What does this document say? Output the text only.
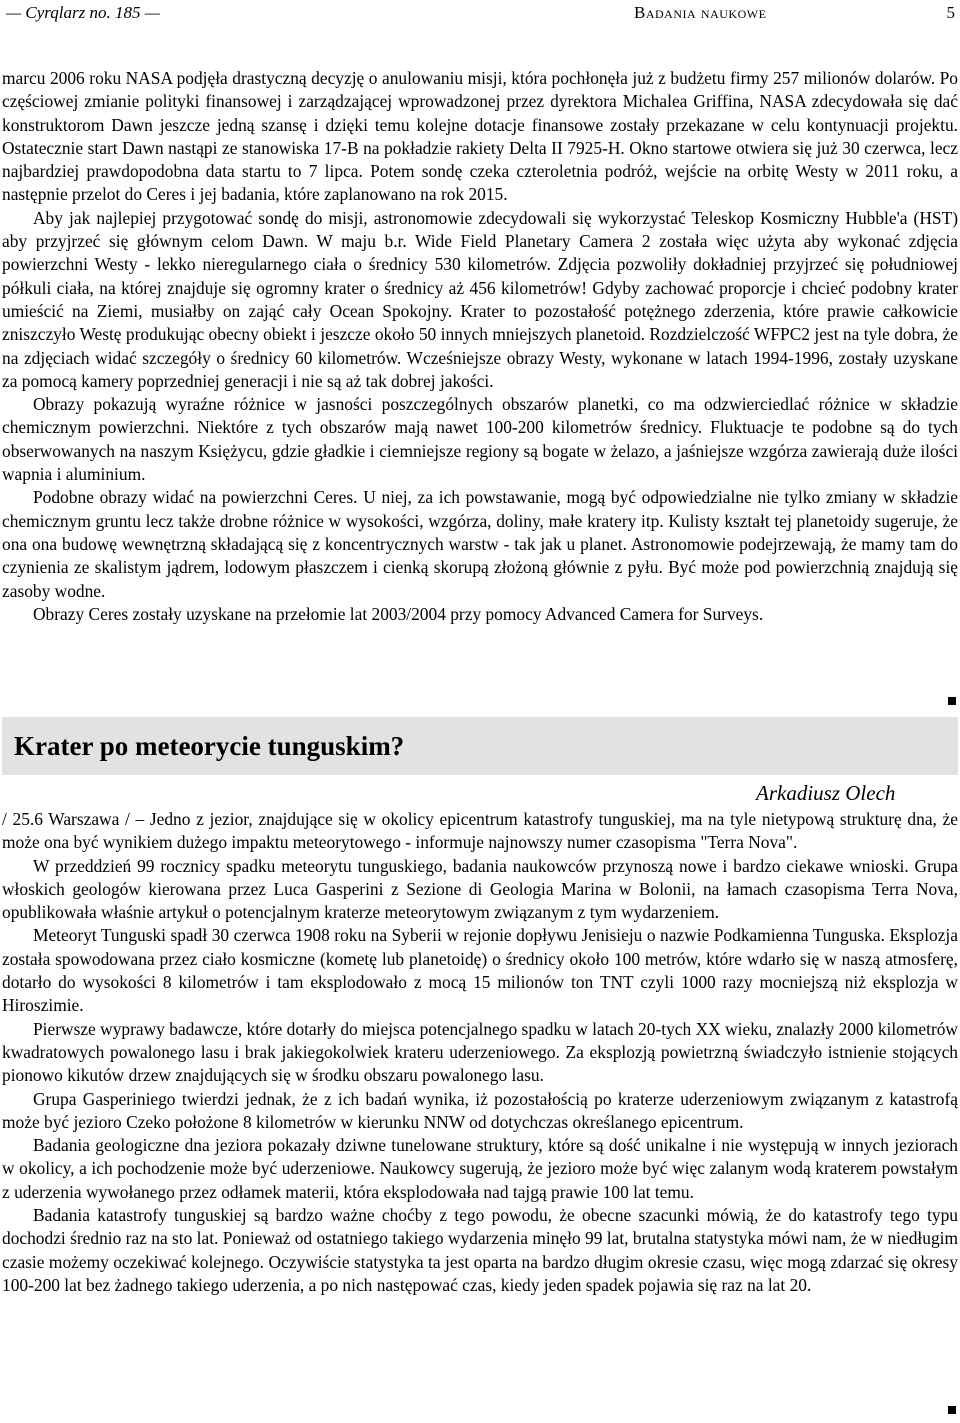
— Cyrqlarz no. 185 —	Badania naukowe	5

marcu 2006 roku NASA podjęła drastyczną decyzję o anulowaniu misji, która pochłonęła już z budżetu firmy 257 milionów dolarów. Po częściowej zmianie polityki finansowej i zarządzającej wprowadzonej przez dyrektora Michalea Griffina, NASA zdecydowała się dać konstruktorom Dawn jeszcze jedną szansę i dzięki temu kolejne dotacje finansowe zostały przekazane w celu kontynuacji projektu. Ostatecznie start Dawn nastąpi ze stanowiska 17-B na pokładzie rakiety Delta II 7925-H. Okno startowe otwiera się już 30 czerwca, lecz najbardziej prawdopodobna data startu to 7 lipca. Potem sondę czeka czteroletnia podróż, wejście na orbitę Westy w 2011 roku, a następnie przelot do Ceres i jej badania, które zaplanowano na rok 2015.

Aby jak najlepiej przygotować sondę do misji, astronomowie zdecydowali się wykorzystać Teleskop Kosmiczny Hubble'a (HST) aby przyjrzeć się głównym celom Dawn. W maju b.r. Wide Field Planetary Camera 2 została więc użyta aby wykonać zdjęcia powierzchni Westy - lekko nieregularnego ciała o średnicy 530 kilometrów. Zdjęcia pozwoliły dokładniej przyjrzeć się południowej półkuli ciała, na której znajduje się ogromny krater o średnicy aż 456 kilometrów! Gdyby zachować proporcje i chcieć podobny krater umieścić na Ziemi, musiałby on zająć cały Ocean Spokojny. Krater to pozostałość potężnego zderzenia, które prawie całkowicie zniszczyło Westę produkując obecny obiekt i jeszcze około 50 innych mniejszych planetoid. Rozdzielczość WFPC2 jest na tyle dobra, że na zdjęciach widać szczegóły o średnicy 60 kilometrów. Wcześniejsze obrazy Westy, wykonane w latach 1994-1996, zostały uzyskane za pomocą kamery poprzedniej generacji i nie są aż tak dobrej jakości.

Obrazy pokazują wyraźne różnice w jasności poszczególnych obszarów planetki, co ma odzwierciedlać różnice w składzie chemicznym powierzchni. Niektóre z tych obszarów mają nawet 100-200 kilometrów średnicy. Fluktuacje te podobne są do tych obserwowanych na naszym Księżycu, gdzie gładkie i ciemniejsze regiony są bogate w żelazo, a jaśniejsze wzgórza zawierają duże ilości wapnia i aluminium.

Podobne obrazy widać na powierzchni Ceres. U niej, za ich powstawanie, mogą być odpowiedzialne nie tylko zmiany w składzie chemicznym gruntu lecz także drobne różnice w wysokości, wzgórza, doliny, małe kratery itp. Kulisty kształt tej planetoidy sugeruje, że ona ona budowę wewnętrzną składającą się z koncentrycznych warstw - tak jak u planet. Astronomowie podejrzewają, że mamy tam do czynienia ze skalistym jądrem, lodowym płaszczem i cienką skorupą złożoną głównie z pyłu. Być może pod powierzchnią znajdują się zasoby wodne.

Obrazy Ceres zostały uzyskane na przełomie lat 2003/2004 przy pomocy Advanced Camera for Surveys.

Krater po meteorycie tunguskim?
Arkadiusz Olech

/ 25.6 Warszawa / – Jedno z jezior, znajdujące się w okolicy epicentrum katastrofy tunguskiej, ma na tyle nietypową strukturę dna, że może ona być wynikiem dużego impaktu meteorytowego - informuje najnowszy numer czasopisma "Terra Nova".

W przeddzień 99 rocznicy spadku meteorytu tunguskiego, badania naukowców przynoszą nowe i bardzo ciekawe wnioski. Grupa włoskich geologów kierowana przez Luca Gasperini z Sezione di Geologia Marina w Bolonii, na łamach czasopisma Terra Nova, opublikowała właśnie artykuł o potencjalnym kraterze meteorytowym związanym z tym wydarzeniem.

Meteoryt Tunguski spadł 30 czerwca 1908 roku na Syberii w rejonie dopływu Jenisieju o nazwie Podkamienna Tunguska. Eksplozja została spowodowana przez ciało kosmiczne (kometę lub planetoidę) o średnicy około 100 metrów, które wdarło się w naszą atmosferę, dotarło do wysokości 8 kilometrów i tam eksplodowało z mocą 15 milionów ton TNT czyli 1000 razy mocniejszą niż eksplozja w Hiroszimie.

Pierwsze wyprawy badawcze, które dotarły do miejsca potencjalnego spadku w latach 20-tych XX wieku, znalazły 2000 kilometrów kwadratowych powalonego lasu i brak jakiegokolwiek krateru uderzeniowego. Za eksplozją powietrzną świadczyło istnienie stojących pionowo kikutów drzew znajdujących się w środku obszaru powalonego lasu.

Grupa Gasperiniego twierdzi jednak, że z ich badań wynika, iż pozostałością po kraterze uderzeniowym związanym z katastrofą może być jezioro Czeko położone 8 kilometrów w kierunku NNW od dotychczas określanego epicentrum.

Badania geologiczne dna jeziora pokazały dziwne tunelowane struktury, które są dość unikalne i nie występują w innych jeziorach w okolicy, a ich pochodzenie może być uderzeniowe. Naukowcy sugerują, że jezioro może być więc zalanym wodą kraterem powstałym z uderzenia wywołanego przez odłamek materii, która eksplodowała nad tajgą prawie 100 lat temu.

Badania katastrofy tunguskiej są bardzo ważne choćby z tego powodu, że obecne szacunki mówią, że do katastrofy tego typu dochodzi średnio raz na sto lat. Ponieważ od ostatniego takiego wydarzenia minęło 99 lat, brutalna statystyka mówi nam, że w niedługim czasie możemy oczekiwać kolejnego. Oczywiście statystyka ta jest oparta na bardzo długim okresie czasu, więc mogą zdarzać się okresy 100-200 lat bez żadnego takiego uderzenia, a po nich następować czas, kiedy jeden spadek pojawia się raz na lat 20.
